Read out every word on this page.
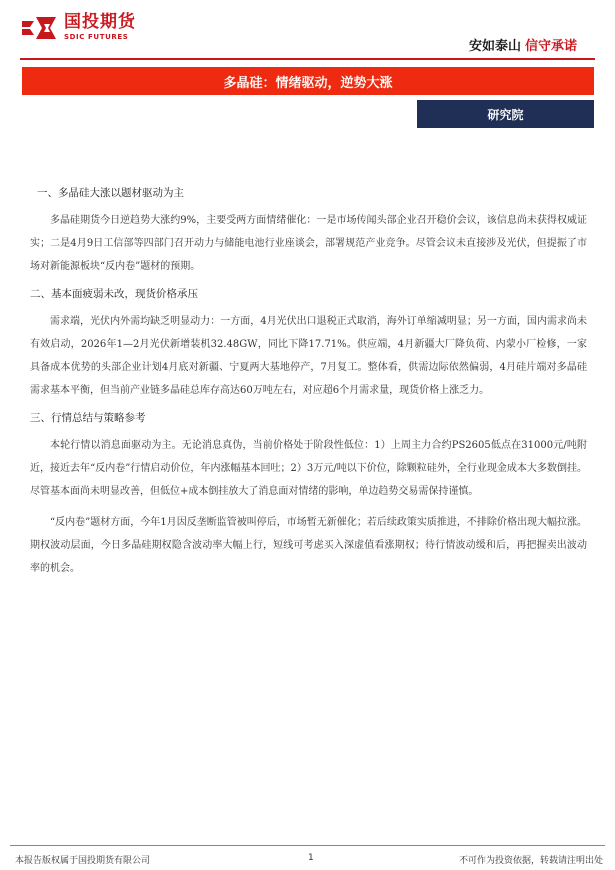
国投期货
SDIC FUTURES
安如泰山 信守承诺
多晶硅：情绪驱动，逆势大涨
研究院
一、多晶硅大涨以题材驱动为主
多晶硅期货今日逆趋势大涨约9%，主要受两方面情绪催化：一是市场传闻头部企业召开稳价会议，该信息尚未获得权威证实；二是4月9日工信部等四部门召开动力与储能电池行业座谈会，部署规范产业竞争。尽管会议未直接涉及光伏，但提振了市场对新能源板块“反内卷”题材的预期。
二、基本面疲弱未改，现货价格承压
需求端，光伏内外需均缺乏明显动力：一方面，4月光伏出口退税正式取消，海外订单缩减明显；另一方面，国内需求尚未有效启动，2026年1—2月光伏新增装机32.48GW，同比下降17.71%。供应端，4月新疆大厂降负荷、内蒙小厂检修，一家具备成本优势的头部企业计划4月底对新疆、宁夏两大基地停产，7月复工。整体看，供需边际依然偏弱，4月硅片端对多晶硅需求基本平衡，但当前产业链多晶硅总库存高达60万吨左右，对应超6个月需求量，现货价格上涨乏力。
三、行情总结与策略参考
本轮行情以消息面驱动为主。无论消息真伪，当前价格处于阶段性低位：1）上周主力合约PS2605低点在31000元/吨附近，接近去年“反内卷”行情启动价位，年内涨幅基本回吐；2）3万元/吨以下价位，除颗粒硅外，全行业现金成本大多数倒挂。尽管基本面尚未明显改善，但低位+成本倒挂放大了消息面对情绪的影响，单边趋势交易需保持谨慎。
“反内卷”题材方面，今年1月因反垄断监管被叫停后，市场暂无新催化；若后续政策实质推进，不排除价格出现大幅拉涨。期权波动层面，今日多晶硅期权隐含波动率大幅上行，短线可考虑买入深虚值看涨期权；待行情波动缓和后，再把握卖出波动率的机会。
本报告版权属于国投期货有限公司	1	不可作为投资依据，转载请注明出处
